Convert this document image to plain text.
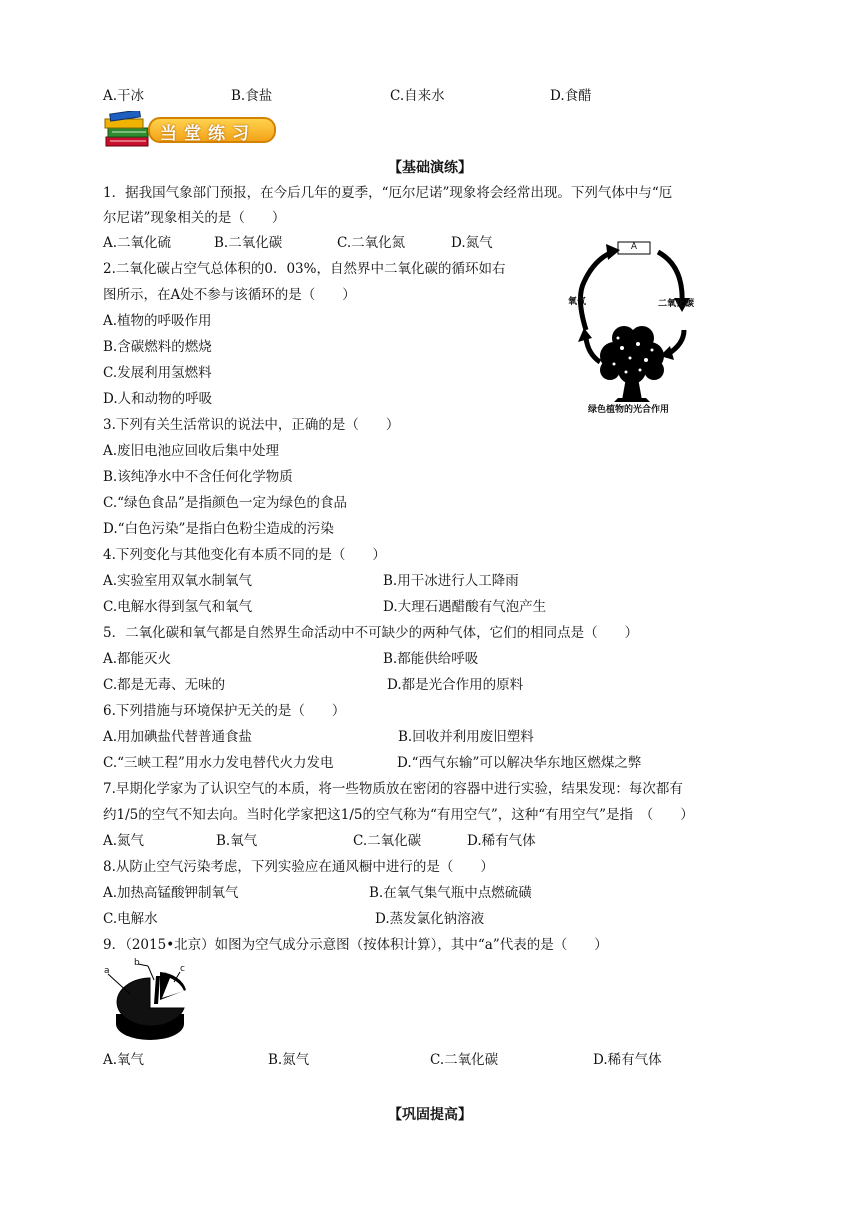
A.干冰	B.食盐	C.自来水	D.食醋
当堂练习
【基础演练】
1．据我国气象部门预报，在今后几年的夏季，“厄尔尼诺”现象将会经常出现。下列气体中与“厄
尔尼诺”现象相关的是（　　）
A.二氧化硫	B.二氧化碳	C.二氧化氮	D.氮气
2.二氧化碳占空气总体积的0．03%，自然界中二氧化碳的循环如右
图所示，在A处不参与该循环的是（　　）
A.植物的呼吸作用
B.含碳燃料的燃烧
C.发展利用氢燃料
D.人和动物的呼吸
A
氧气	二氧化碳
绿色植物的光合作用
3.下列有关生活常识的说法中，正确的是（　　）
A.废旧电池应回收后集中处理
B.该纯净水中不含任何化学物质
C.“绿色食品”是指颜色一定为绿色的食品
D.“白色污染”是指白色粉尘造成的污染
4.下列变化与其他变化有本质不同的是（　　）
A.实验室用双氧水制氧气	B.用干冰进行人工降雨
C.电解水得到氢气和氧气	D.大理石遇醋酸有气泡产生
5．二氧化碳和氧气都是自然界生命活动中不可缺少的两种气体，它们的相同点是（　　）
A.都能灭火	B.都能供给呼吸
C.都是无毒、无味的	D.都是光合作用的原料
6.下列措施与环境保护无关的是（　　）
A.用加碘盐代替普通食盐	B.回收并利用废旧塑料
C.“三峡工程”用水力发电替代火力发电	D.“西气东输”可以解决华东地区燃煤之弊
7.早期化学家为了认识空气的本质，将一些物质放在密闭的容器中进行实验，结果发现：每次都有
约1/5的空气不知去向。当时化学家把这1/5的空气称为“有用空气”，这种“有用空气”是指　（　　）
A.氮气	B.氧气	C.二氧化碳	D.稀有气体
8.从防止空气污染考虑，下列实验应在通风橱中进行的是（　　）
A.加热高锰酸钾制氧气	B.在氧气集气瓶中点燃硫磺
C.电解水	D.蒸发氯化钠溶液
9．（2015•北京）如图为空气成分示意图（按体积计算），其中“a”代表的是（　　）
a
b
c
A.氧气	B.氮气	C.二氧化碳	D.稀有气体
【巩固提高】
